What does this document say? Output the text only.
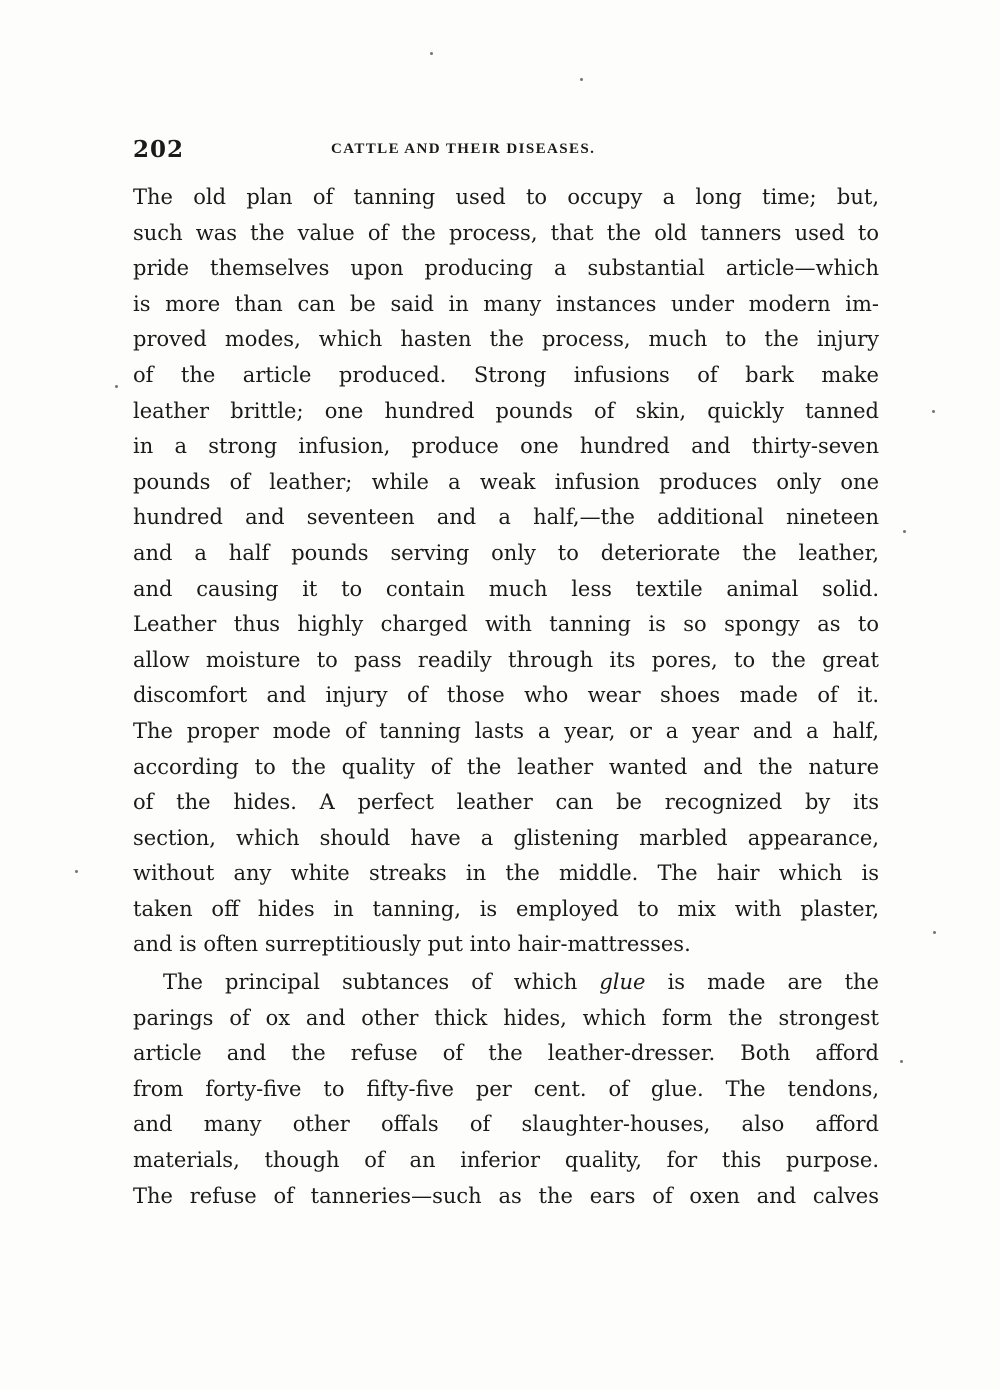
202	CATTLE AND THEIR DISEASES.
The old plan of tanning used to occupy a long time; but,
such was the value of the process, that the old tanners used to
pride themselves upon producing a substantial article—which
is more than can be said in many instances under modern im-
proved modes, which hasten the process, much to the injury
of the article produced. Strong infusions of bark make
leather brittle; one hundred pounds of skin, quickly tanned
in a strong infusion, produce one hundred and thirty-seven
pounds of leather; while a weak infusion produces only one
hundred and seventeen and a half,—the additional nineteen
and a half pounds serving only to deteriorate the leather,
and causing it to contain much less textile animal solid.
Leather thus highly charged with tanning is so spongy as to
allow moisture to pass readily through its pores, to the great
discomfort and injury of those who wear shoes made of it.
The proper mode of tanning lasts a year, or a year and a half,
according to the quality of the leather wanted and the nature
of the hides. A perfect leather can be recognized by its
section, which should have a glistening marbled appearance,
without any white streaks in the middle. The hair which is
taken off hides in tanning, is employed to mix with plaster,
and is often surreptitiously put into hair-mattresses.
The principal subtances of which glue is made are the
parings of ox and other thick hides, which form the strongest
article and the refuse of the leather-dresser. Both afford
from forty-five to fifty-five per cent. of glue. The tendons,
and many other offals of slaughter-houses, also afford
materials, though of an inferior quality, for this purpose.
The refuse of tanneries—such as the ears of oxen and calves
